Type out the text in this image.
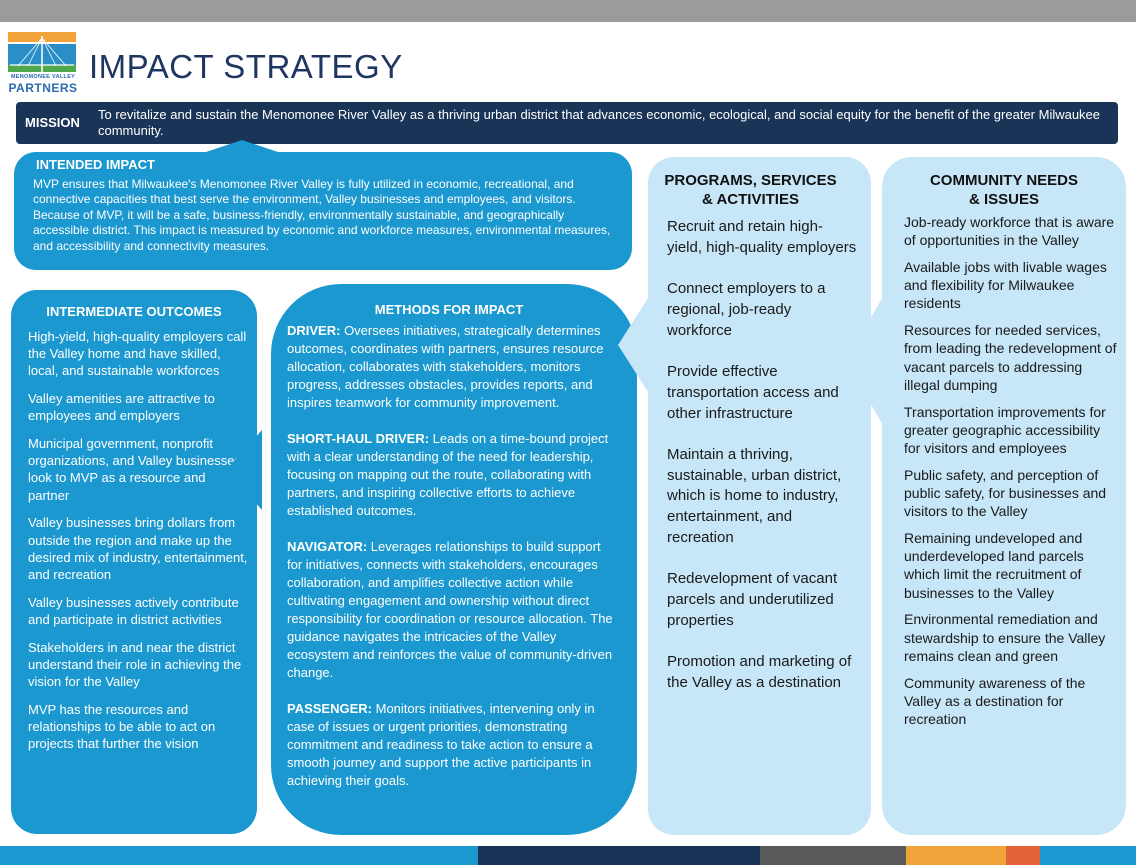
MENOMONEE VALLEY
PARTNERS
IMPACT STRATEGY
MISSION
To revitalize and sustain the Menomonee River Valley as a thriving urban district that advances economic, ecological, and social equity for the benefit of the greater Milwaukee community.
INTENDED IMPACT
MVP ensures that Milwaukee's Menomonee River Valley is fully utilized in economic, recreational, and connective capacities that best serve the environment, Valley businesses and employees, and visitors. Because of MVP, it will be a safe, business-friendly, environmentally sustainable, and geographically accessible district. This impact is measured by economic and workforce measures, environmental measures, and accessibility and connectivity measures.
INTERMEDIATE OUTCOMES
High-yield, high-quality employers call the Valley home and have skilled, local, and sustainable workforces
Valley amenities are attractive to employees and employers
Municipal government, nonprofit organizations, and Valley businesses look to MVP as a resource and partner
Valley businesses bring dollars from outside the region and make up the desired mix of industry, entertainment, and recreation
Valley businesses actively contribute and participate in district activities
Stakeholders in and near the district understand their role in achieving the vision for the Valley
MVP has the resources and relationships to be able to act on projects that further the vision
METHODS FOR IMPACT
DRIVER: Oversees initiatives, strategically determines outcomes, coordinates with partners, ensures resource allocation, collaborates with stakeholders, monitors progress, addresses obstacles, provides reports, and inspires teamwork for community improvement.
SHORT-HAUL DRIVER: Leads on a time-bound project with a clear understanding of the need for leadership, focusing on mapping out the route, collaborating with partners, and inspiring collective efforts to achieve established outcomes.
NAVIGATOR: Leverages relationships to build support for initiatives, connects with stakeholders, encourages collaboration, and amplifies collective action while cultivating engagement and ownership without direct responsibility for coordination or resource allocation. The guidance navigates the intricacies of the Valley ecosystem and reinforces the value of community-driven change.
PASSENGER: Monitors initiatives, intervening only in case of issues or urgent priorities, demonstrating commitment and readiness to take action to ensure a smooth journey and support the active participants in achieving their goals.
PROGRAMS, SERVICES
& ACTIVITIES
Recruit and retain high-yield, high-quality employers
Connect employers to a regional, job-ready workforce
Provide effective transportation access and other infrastructure
Maintain a thriving, sustainable, urban district, which is home to industry, entertainment, and recreation
Redevelopment of vacant parcels and underutilized properties
Promotion and marketing of the Valley as a destination
COMMUNITY NEEDS
& ISSUES
Job-ready workforce that is aware of opportunities in the Valley
Available jobs with livable wages and flexibility for Milwaukee residents
Resources for needed services, from leading the redevelopment of vacant parcels to addressing illegal dumping
Transportation improvements for greater geographic accessibility for visitors and employees
Public safety, and perception of public safety, for businesses and visitors to the Valley
Remaining undeveloped and underdeveloped land parcels which limit the recruitment of businesses to the Valley
Environmental remediation and stewardship to ensure the Valley remains clean and green
Community awareness of the Valley as a destination for recreation
